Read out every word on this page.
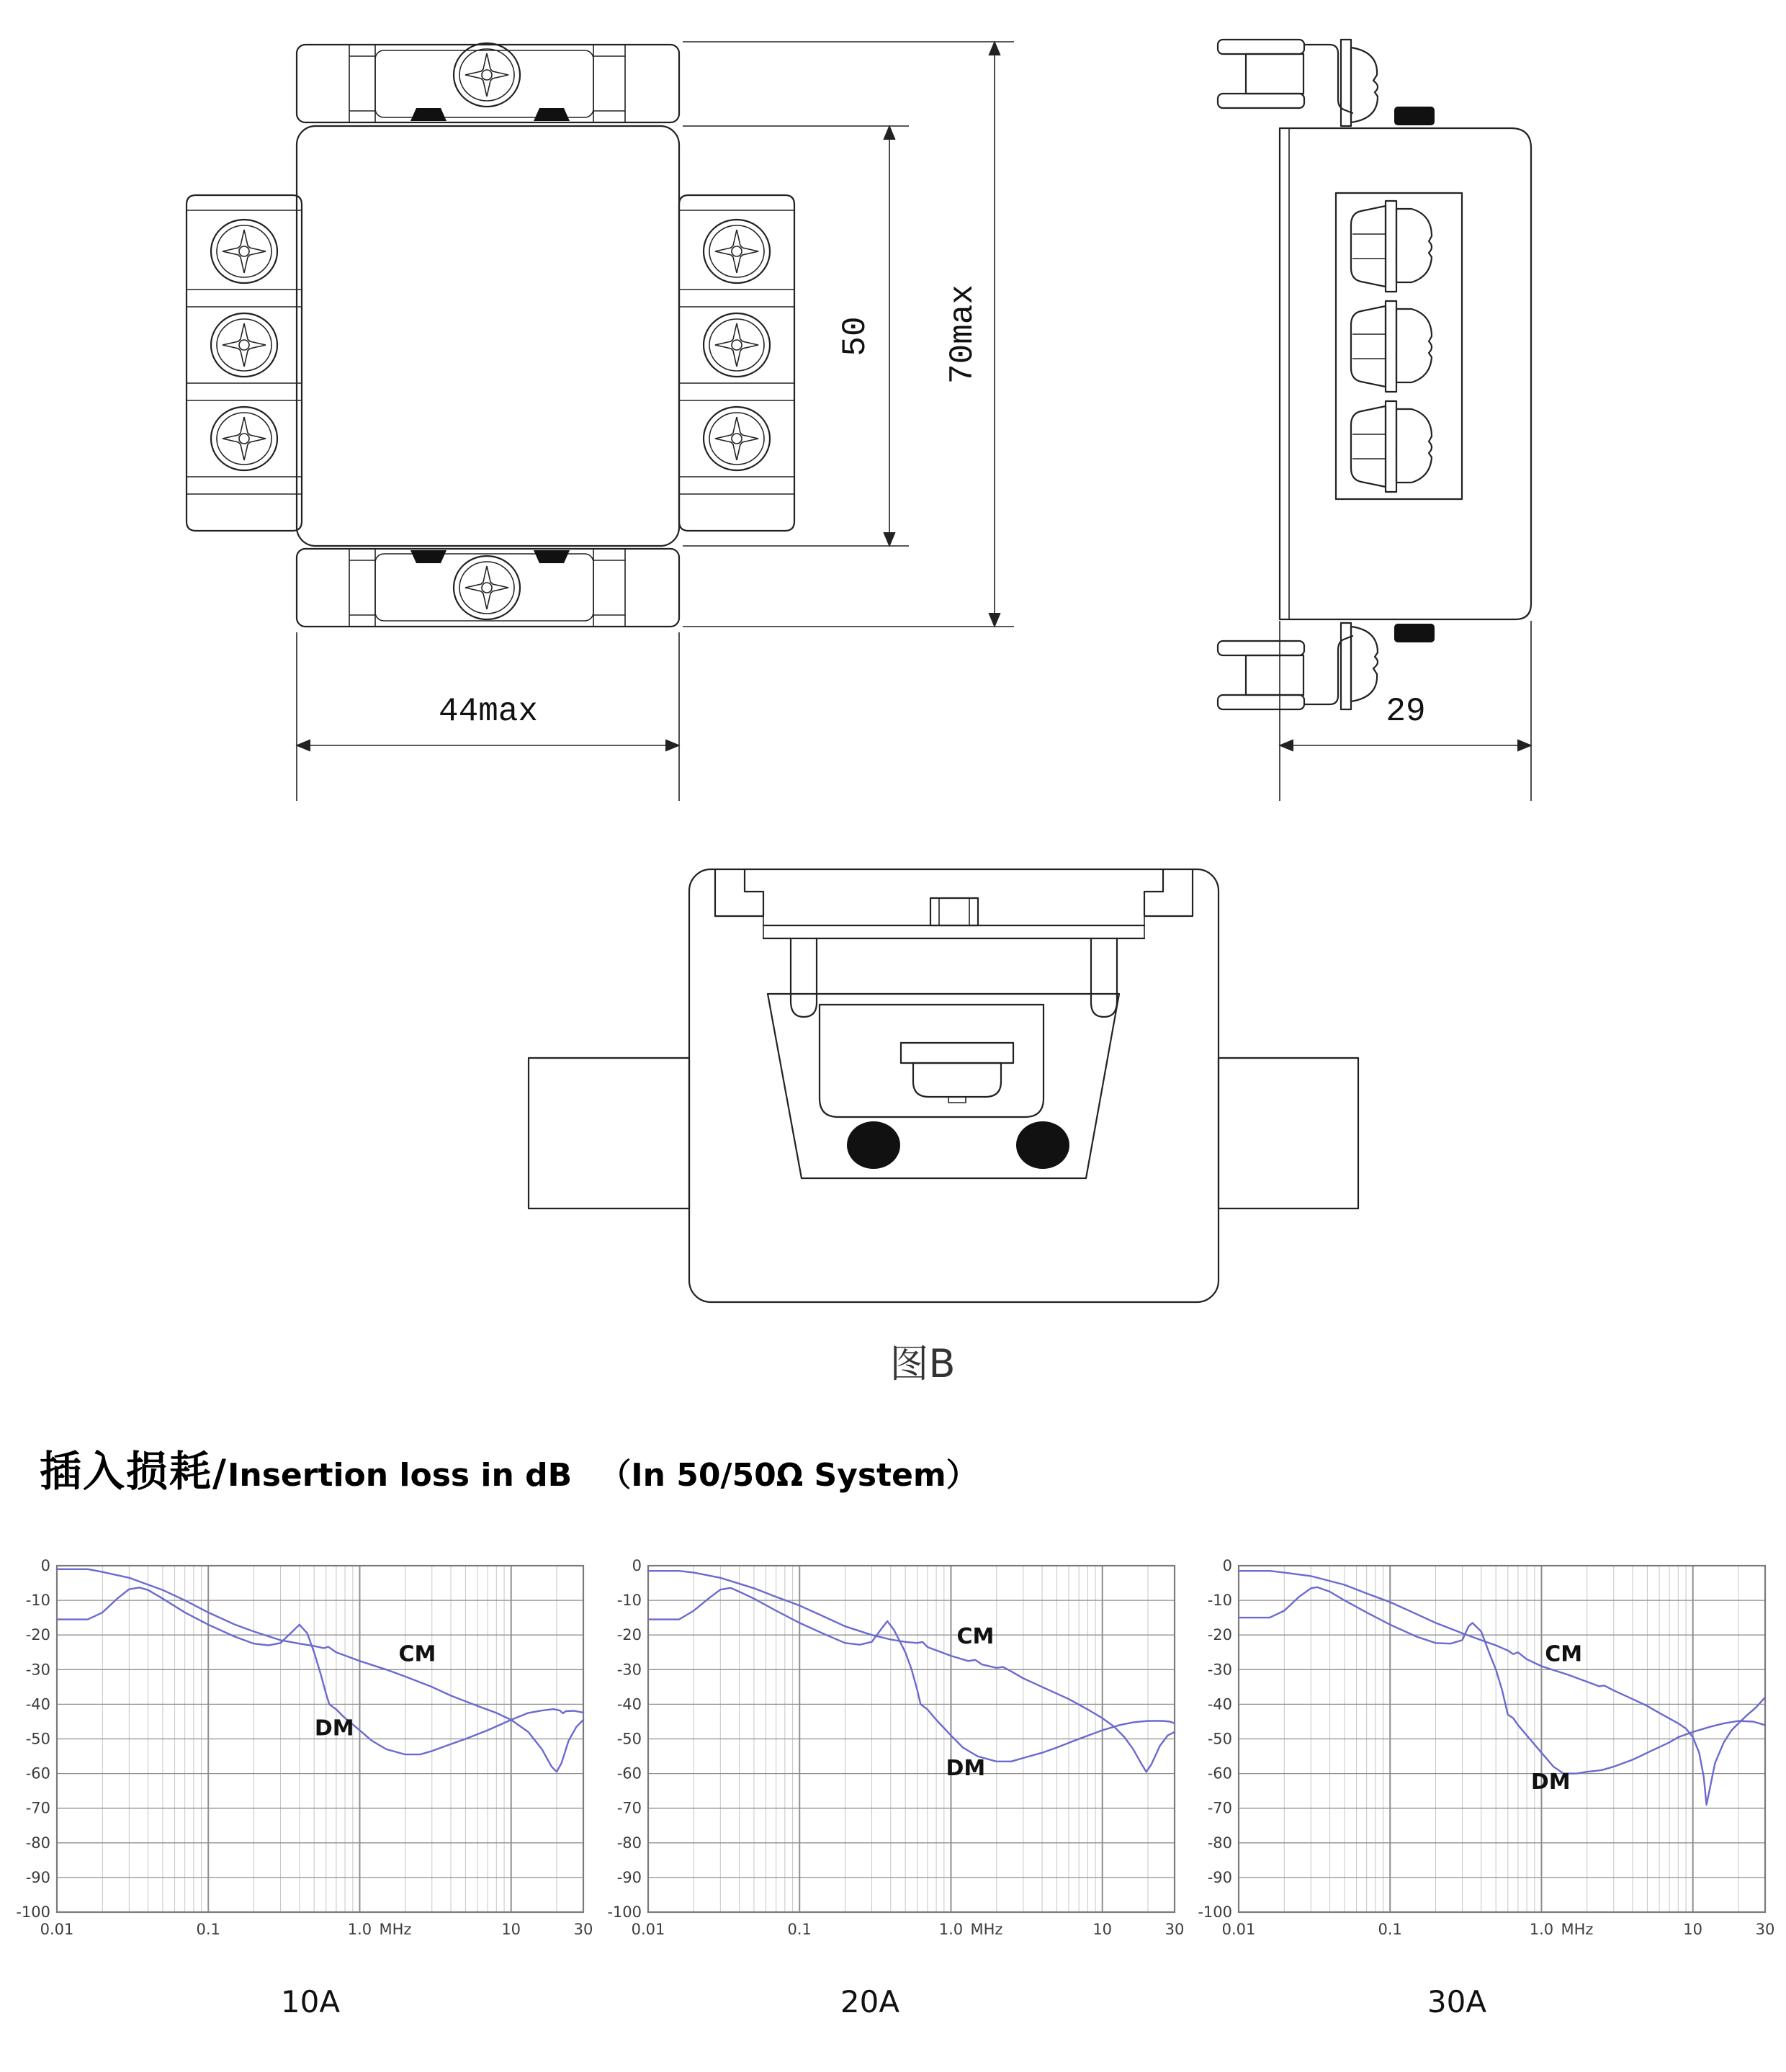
50 70max
44max	29
图B
插入损耗 / Insertion loss in dB （In 50/50Ω System）
0.01	0.1	1.0	10	30
MHz
0
-10
-20
-30
-40
-50
-60
-70
-80
-90
-100
CM
DM
0.01	0.1	1.0	10	30
MHz
0
-10
-20
-30
-40
-50
-60
-70
-80
-90
-100
CM
DM
0.01	0.1	1.0	10	30
MHz
0
-10
-20
-30
-40
-50
-60
-70
-80
-90
-100
CM
DM
10A	20A	30A
